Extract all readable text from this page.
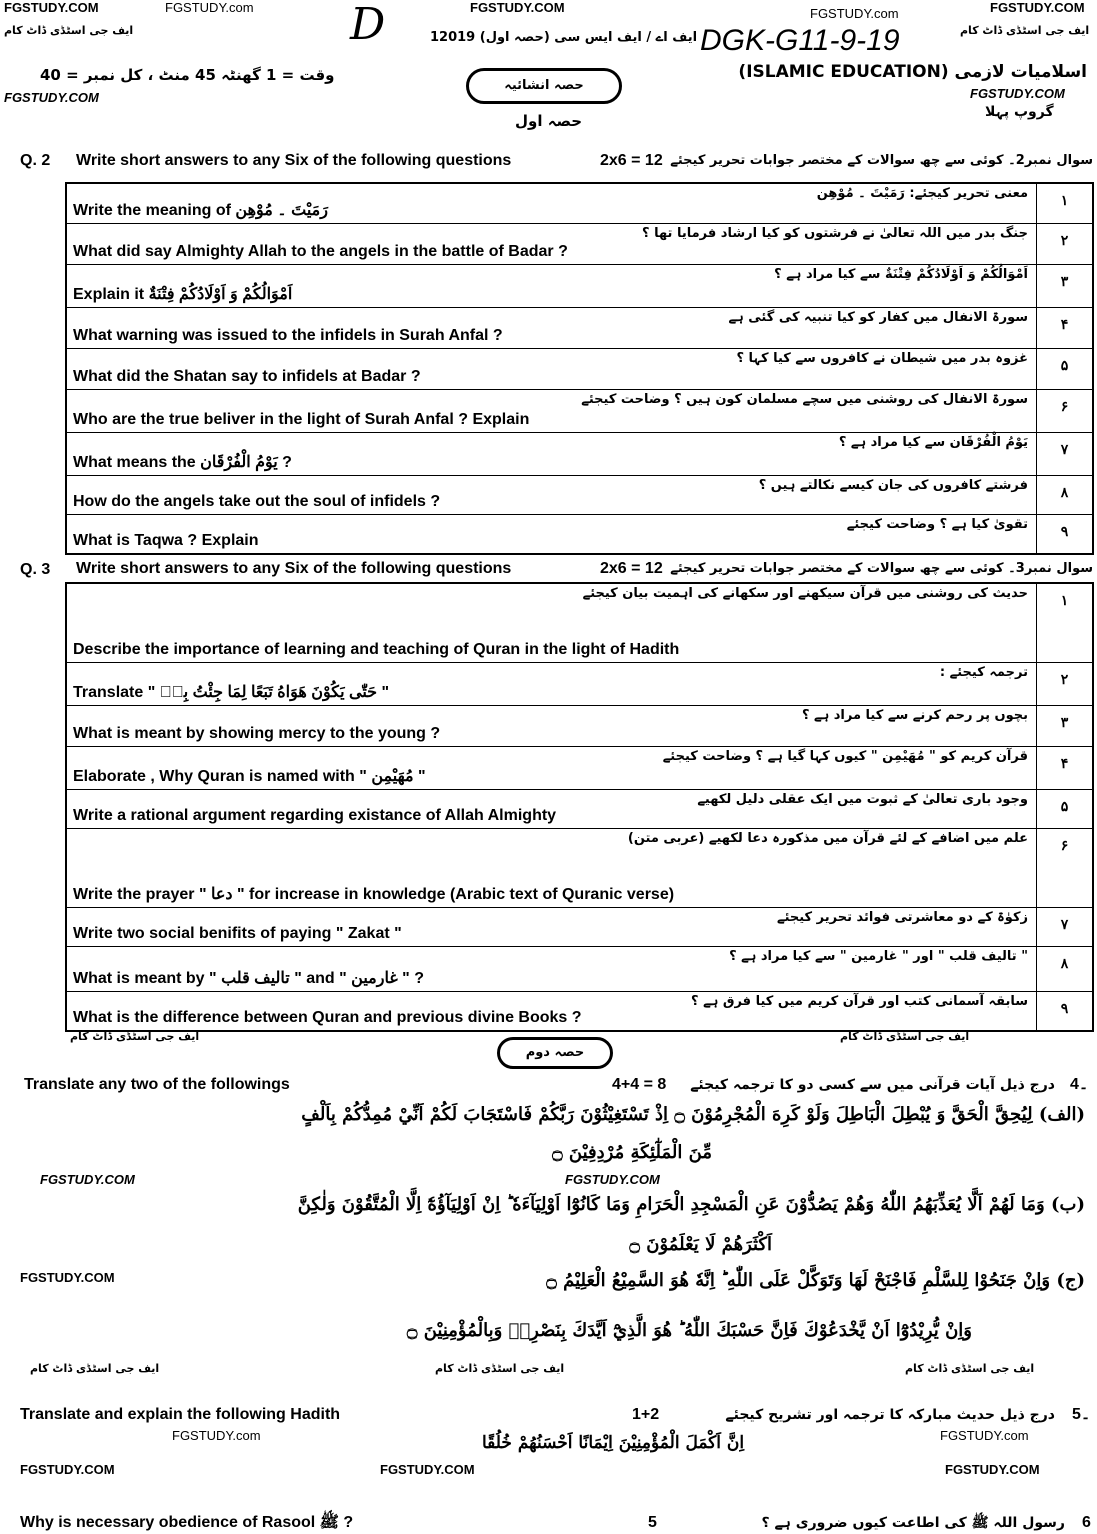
FGSTUDY.COM	FGSTUDY.com	FGSTUDY.COM	FGSTUDY.COM
FGSTUDY.com
ایف جی اسٹڈی ڈاٹ کام	ایف جی اسٹڈی ڈاٹ کام
D	DGK-G11-9-19
ایف اے / ایف ایس سی (حصہ اول) 12019
اسلامیات لازمی (ISLAMIC EDUCATION)
وقت = 1 گھنٹہ 45 منٹ ، کل نمبر = 40
FGSTUDY.COM
حصہ انشائیہ
FGSTUDY.COM
حصہ اول	گروپ پہلا
Q. 2 Write short answers to any Six of the following questions	2x6 = 12 سوال نمبر2۔ کوئی سے چھ سوالات کے مختصر جوابات تحریر کیجئے
Write the meaning of رَمَيْتَ ۔ مُوْهِن
معنی تحریر کیجئے: رَمَيْتَ ۔ مُوْهِن	۱
What did say Almighty Allah to the angels in the battle of Badar ?
جنگ بدر میں اللہ تعالیٰ نے فرشتوں کو کیا ارشاد فرمایا تھا ؟	۲
Explain it اَمْوَالُكُمْ وَ اَوْلَادُكُمْ فِتْنَةٌ
اَمْوَالُكُمْ وَ اَوْلَادُكُمْ فِتْنَةٌ سے کیا مراد ہے ؟	۳
What warning was issued to the infidels in Surah Anfal ?
سورۃ الانفال میں کفار کو کیا تنبیہ کی گئی ہے	۴
What did the Shatan say to infidels at Badar ?
غزوہ بدر میں شیطان نے کافروں سے کیا کہا ؟	۵
Who are the true beliver in the light of Surah Anfal ? Explain
سورۃ الانفال کی روشنی میں سچے مسلمان کون ہیں ؟ وضاحت کیجئے	۶
What means the يَوْمُ الْفُرْقَان ?
يَوْمُ الْفُرْقَان سے کیا مراد ہے ؟	۷
How do the angels take out the soul of infidels ?
فرشتے کافروں کی جان کیسے نکالتے ہیں ؟	۸
What is Taqwa ? Explain
تقویٰ کیا ہے ؟ وضاحت کیجئے	۹
Q. 3 Write short answers to any Six of the following questions	2x6 = 12 سوال نمبر3۔ کوئی سے چھ سوالات کے مختصر جوابات تحریر کیجئے
Describe the importance of learning and teaching of Quran in the light of Hadith
حدیث کی روشنی میں قرآن سیکھنے اور سکھانے کی اہمیت بیان کیجئے	۱
Translate " حَتّٰى يَكُوْنَ هَوَاهُ تَبَعًا لِمَا جِئْتُ بِهٖ "
ترجمہ کیجئے :	۲
What is meant by showing mercy to the young ?
بچوں پر رحم کرنے سے کیا مراد ہے ؟	۳
Elaborate , Why Quran is named with " مُهَيْمِن "
قرآن کریم کو " مُهَيْمِن " کیوں کہا گیا ہے ؟ وضاحت کیجئے	۴
Write a rational argument regarding existance of Allah Almighty
وجود باری تعالیٰ کے ثبوت میں ایک عقلی دلیل لکھیے	۵
Write the prayer " دعا " for increase in knowledge (Arabic text of Quranic verse)
علم میں اضافے کے لئے قرآن میں مذکورہ دعا لکھیے (عربی متن)	۶
Write two social benifits of paying " Zakat "
زکوٰۃ کے دو معاشرتی فوائد تحریر کیجئے	۷
What is meant by " تالیف قلب " and " غارمین " ?
" تالیف قلب " اور " غارمین " سے کیا مراد ہے ؟	۸
What is the difference between Quran and previous divine Books ?
سابقہ آسمانی کتب اور قرآن کریم میں کیا فرق ہے ؟	۹
ایف جی اسٹڈی ڈاٹ کام	ایف جی اسٹڈی ڈاٹ کام
حصہ دوم
Translate any two of the followings	4+4 = 8 درج ذیل آیات قرآنی میں سے کسی دو کا ترجمہ کیجئے 4۔
(الف) لِيُحِقَّ الْحَقَّ وَ يُبْطِلَ الْبَاطِلَ وَلَوْ كَرِهَ الْمُجْرِمُوْنَ ۝ اِذْ تَسْتَغِيْثُوْنَ رَبَّكُمْ فَاسْتَجَابَ لَكُمْ اَنِّيْ مُمِدُّكُمْ بِاَلْفٍ
مِّنَ الْمَلٰٓئِكَةِ مُرْدِفِيْنَ ۝
FGSTUDY.COM	FGSTUDY.COM
(ب) وَمَا لَهُمْ اَلَّا يُعَذِّبَهُمُ اللّٰهُ وَهُمْ يَصُدُّوْنَ عَنِ الْمَسْجِدِ الْحَرَامِ وَمَا كَانُوْٓا اَوْلِيَآءَهٗ ؕ اِنْ اَوْلِيَآؤُهٗٓ اِلَّا الْمُتَّقُوْنَ وَلٰكِنَّ
اَكْثَرَهُمْ لَا يَعْلَمُوْنَ ۝
FGSTUDY.COM	(ج) وَاِنْ جَنَحُوْا لِلسَّلْمِ فَاجْنَحْ لَهَا وَتَوَكَّلْ عَلَى اللّٰهِ ؕ اِنَّهٗ هُوَ السَّمِيْعُ الْعَلِيْمُ ۝
وَاِنْ يُّرِيْدُوْٓا اَنْ يَّخْدَعُوْكَ فَاِنَّ حَسْبَكَ اللّٰهُ ؕ هُوَ الَّذِيْٓ اَيَّدَكَ بِنَصْرِهٖ وَبِالْمُؤْمِنِيْنَ ۝
ایف جی اسٹڈی ڈاٹ کام	ایف جی اسٹڈی ڈاٹ کام	ایف جی اسٹڈی ڈاٹ کام
Translate and explain the following Hadith	1+2	درج ذیل حدیث مبارکہ کا ترجمہ اور تشریح کیجئے 5۔
FGSTUDY.com	FGSTUDY.com
اِنَّ اَكْمَلَ الْمُؤْمِنِيْنَ اِيْمَانًا اَحْسَنُهُمْ خُلُقًا
FGSTUDY.COM	FGSTUDY.COM	FGSTUDY.COM
Why is necessary obedience of Rasool ﷺ ?	5	رسول اللہ ﷺ کی اطاعت کیوں ضروری ہے ؟ 6
